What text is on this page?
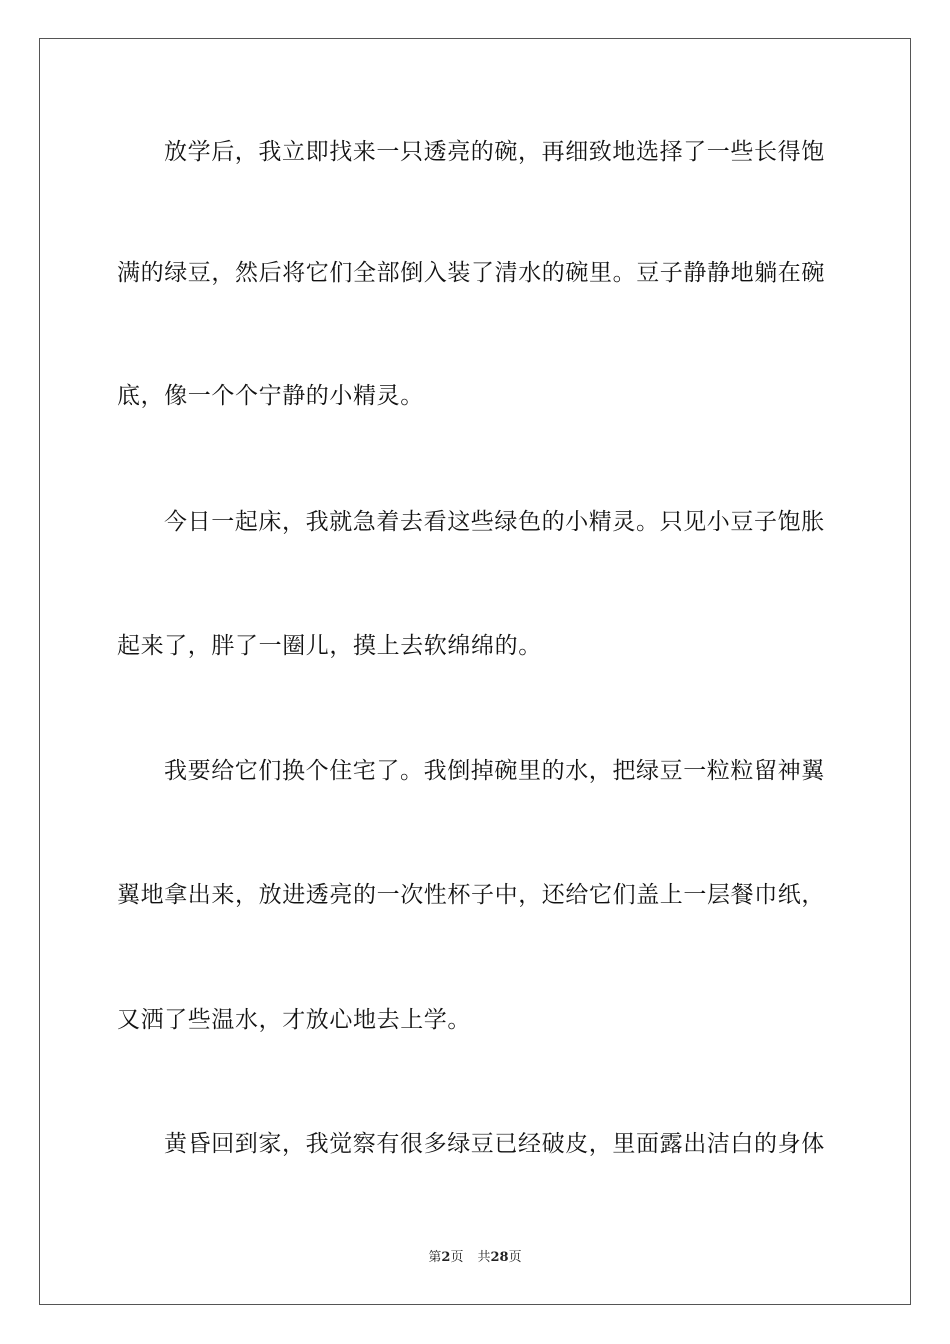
放学后，我立即找来一只透亮的碗，再细致地选择了一些长得饱
满的绿豆，然后将它们全部倒入装了清水的碗里。豆子静静地躺在碗
底，像一个个宁静的小精灵。
今日一起床，我就急着去看这些绿色的小精灵。只见小豆子饱胀
起来了，胖了一圈儿，摸上去软绵绵的。
我要给它们换个住宅了。我倒掉碗里的水，把绿豆一粒粒留神翼
翼地拿出来，放进透亮的一次性杯子中，还给它们盖上一层餐巾纸，
又洒了些温水，才放心地去上学。
黄昏回到家，我觉察有很多绿豆已经破皮，里面露出洁白的身体
第2页 共28页
